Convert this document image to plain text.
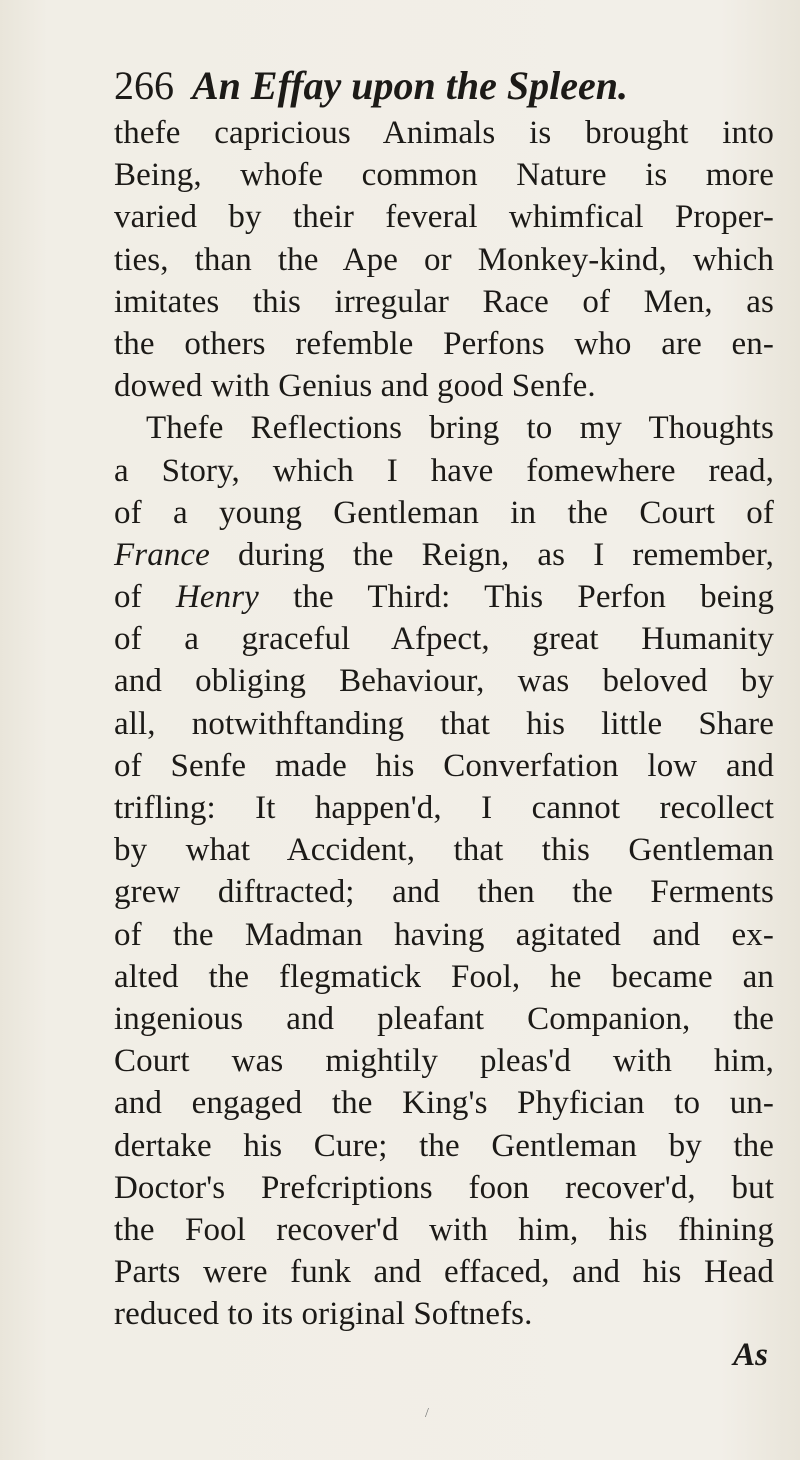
266 An Effay upon the Spleen.
thefe capricious Animals is brought into
Being, whofe common Nature is more
varied by their feveral whimfical Proper-
ties, than the Ape or Monkey-kind, which
imitates this irregular Race of Men, as
the others refemble Perfons who are en-
dowed with Genius and good Senfe.
Thefe Reflections bring to my Thoughts
a Story, which I have fomewhere read,
of a young Gentleman in the Court of
France during the Reign, as I remember,
of Henry the Third: This Perfon being
of a graceful Afpect, great Humanity
and obliging Behaviour, was beloved by
all, notwithftanding that his little Share
of Senfe made his Converfation low and
trifling: It happen'd, I cannot recollect
by what Accident, that this Gentleman
grew diftracted; and then the Ferments
of the Madman having agitated and ex-
alted the flegmatick Fool, he became an
ingenious and pleafant Companion, the
Court was mightily pleas'd with him,
and engaged the King's Phyfician to un-
dertake his Cure; the Gentleman by the
Doctor's Prefcriptions foon recover'd, but
the Fool recover'd with him, his fhining
Parts were funk and effaced, and his Head
reduced to its original Softnefs.
As
/
